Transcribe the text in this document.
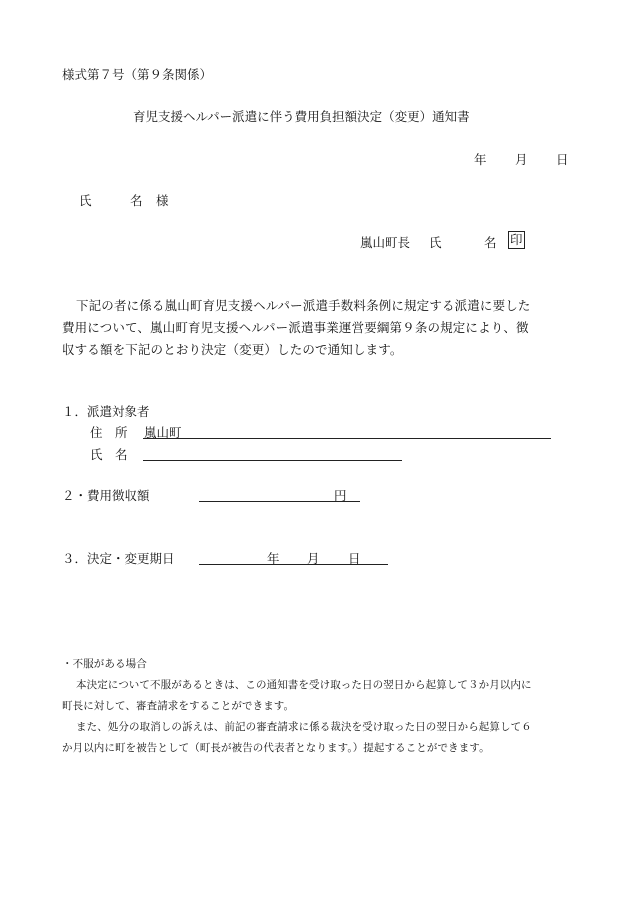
様式第７号（第９条関係）
育児支援ヘルパー派遣に伴う費用負担額決定（変更）通知書
年 月 日
氏	名 様
嵐山町長 氏	名 印
下記の者に係る嵐山町育児支援ヘルパー派遣手数料条例に規定する派遣に要した
費用について、嵐山町育児支援ヘルパー派遣事業運営要綱第９条の規定により、徴
収する額を下記のとおり決定（変更）したので通知します。
１．派遣対象者
住　所 嵐山町
氏　名
２・費用徴収額	円
３．決定・変更期日	年 月 日
・不服がある場合
本決定について不服があるときは、この通知書を受け取った日の翌日から起算して３か月以内に
町長に対して、審査請求をすることができます。
また、処分の取消しの訴えは、前記の審査請求に係る裁決を受け取った日の翌日から起算して６
か月以内に町を被告として（町長が被告の代表者となります。）提起することができます。
